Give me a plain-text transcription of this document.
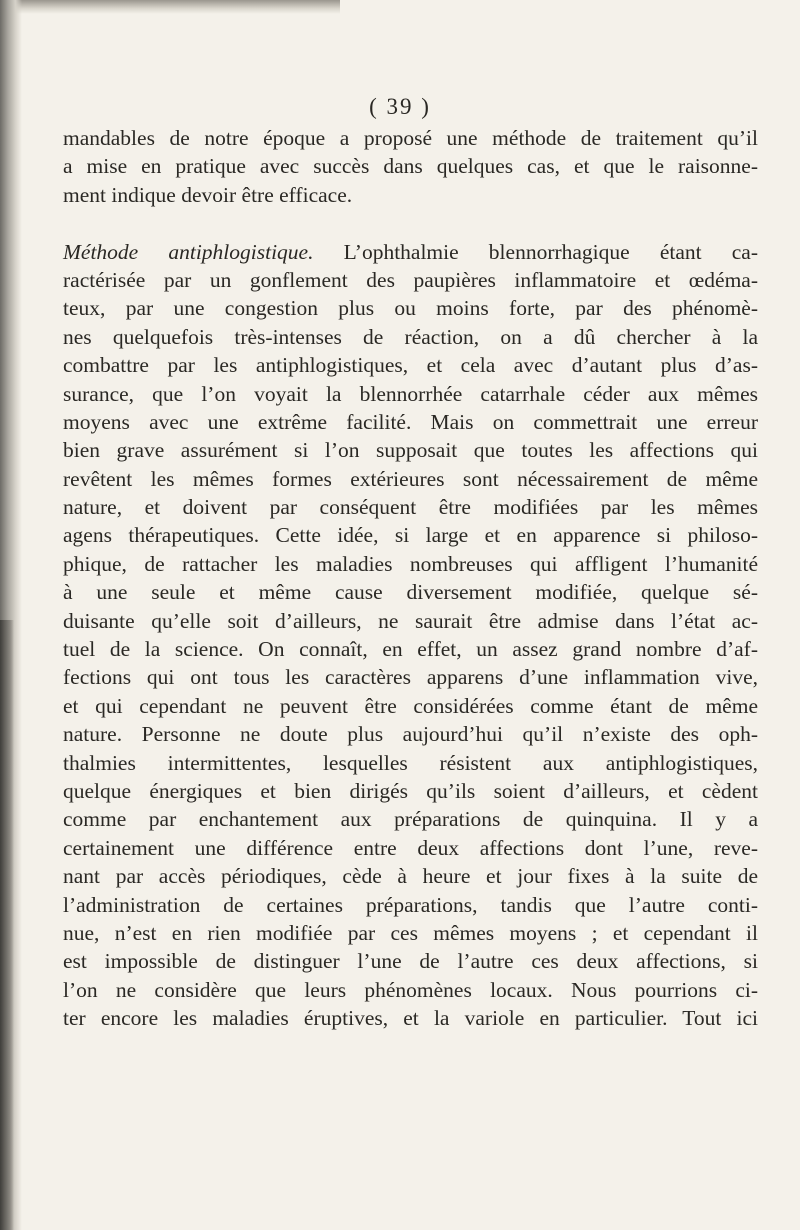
( 39 )
mandables de notre époque a proposé une méthode de traitement qu’il
a mise en pratique avec succès dans quelques cas, et que le raisonne-
ment indique devoir être efficace.
Méthode antiphlogistique. L’ophthalmie blennorrhagique étant ca-
ractérisée par un gonflement des paupières inflammatoire et œdéma-
teux, par une congestion plus ou moins forte, par des phénomè-
nes quelquefois très-intenses de réaction, on a dû chercher à la
combattre par les antiphlogistiques, et cela avec d’autant plus d’as-
surance, que l’on voyait la blennorrhée catarrhale céder aux mêmes
moyens avec une extrême facilité. Mais on commettrait une erreur
bien grave assurément si l’on supposait que toutes les affections qui
revêtent les mêmes formes extérieures sont nécessairement de même
nature, et doivent par conséquent être modifiées par les mêmes
agens thérapeutiques. Cette idée, si large et en apparence si philoso-
phique, de rattacher les maladies nombreuses qui affligent l’humanité
à une seule et même cause diversement modifiée, quelque sé-
duisante qu’elle soit d’ailleurs, ne saurait être admise dans l’état ac-
tuel de la science. On connaît, en effet, un assez grand nombre d’af-
fections qui ont tous les caractères apparens d’une inflammation vive,
et qui cependant ne peuvent être considérées comme étant de même
nature. Personne ne doute plus aujourd’hui qu’il n’existe des oph-
thalmies intermittentes, lesquelles résistent aux antiphlogistiques,
quelque énergiques et bien dirigés qu’ils soient d’ailleurs, et cèdent
comme par enchantement aux préparations de quinquina. Il y a
certainement une différence entre deux affections dont l’une, reve-
nant par accès périodiques, cède à heure et jour fixes à la suite de
l’administration de certaines préparations, tandis que l’autre conti-
nue, n’est en rien modifiée par ces mêmes moyens ; et cependant il
est impossible de distinguer l’une de l’autre ces deux affections, si
l’on ne considère que leurs phénomènes locaux. Nous pourrions ci-
ter encore les maladies éruptives, et la variole en particulier. Tout ici
